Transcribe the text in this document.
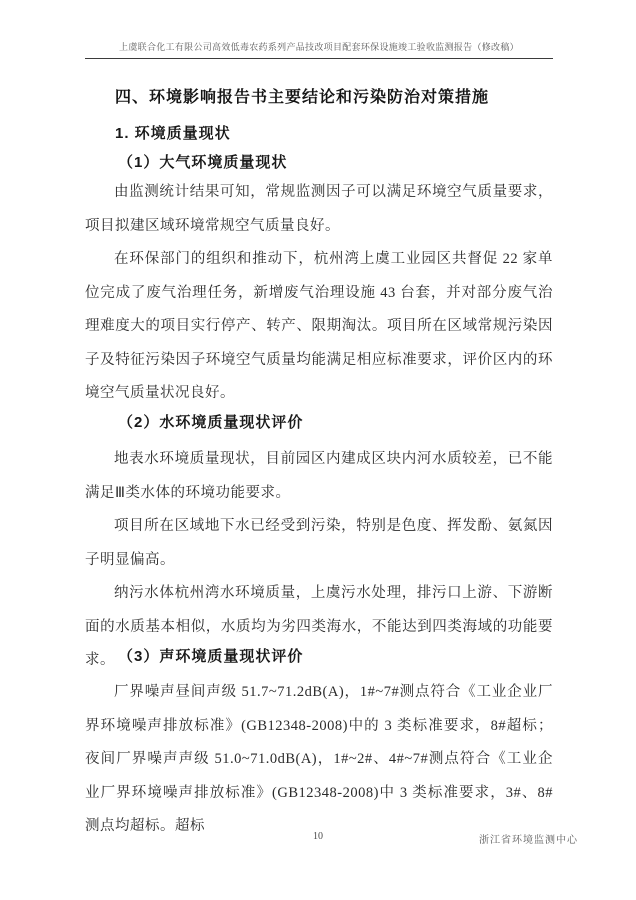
上虞联合化工有限公司高效低毒农药系列产品技改项目配套环保设施竣工验收监测报告（修改稿）
四、环境影响报告书主要结论和污染防治对策措施
1. 环境质量现状
（1）大气环境质量现状

由监测统计结果可知，常规监测因子可以满足环境空气质量要求，项目拟建区域环境常规空气质量良好。

在环保部门的组织和推动下，杭州湾上虞工业园区共督促 22 家单位完成了废气治理任务，新增废气治理设施 43 台套，并对部分废气治理难度大的项目实行停产、转产、限期淘汰。项目所在区域常规污染因子及特征污染因子环境空气质量均能满足相应标准要求，评价区内的环境空气质量状况良好。

（2）水环境质量现状评价

地表水环境质量现状，目前园区内建成区块内河水质较差，已不能满足Ⅲ类水体的环境功能要求。

项目所在区域地下水已经受到污染，特别是色度、挥发酚、氨氮因子明显偏高。

纳污水体杭州湾水环境质量，上虞污水处理，排污口上游、下游断面的水质基本相似，水质均为劣四类海水，不能达到四类海域的功能要求。 （3）声环境质量现状评价

厂界噪声昼间声级 51.7~71.2dB(A)，1#~7#测点符合《工业企业厂界环境噪声排放标准》(GB12348-2008)中的 3 类标准要求，8#超标；夜间厂界噪声声级 51.0~71.0dB(A)，1#~2#、4#~7#测点符合《工业企业厂界环境噪声排放标准》(GB12348-2008)中 3 类标准要求，3#、8#测点均超标。超标

10	浙江省环境监测中心
